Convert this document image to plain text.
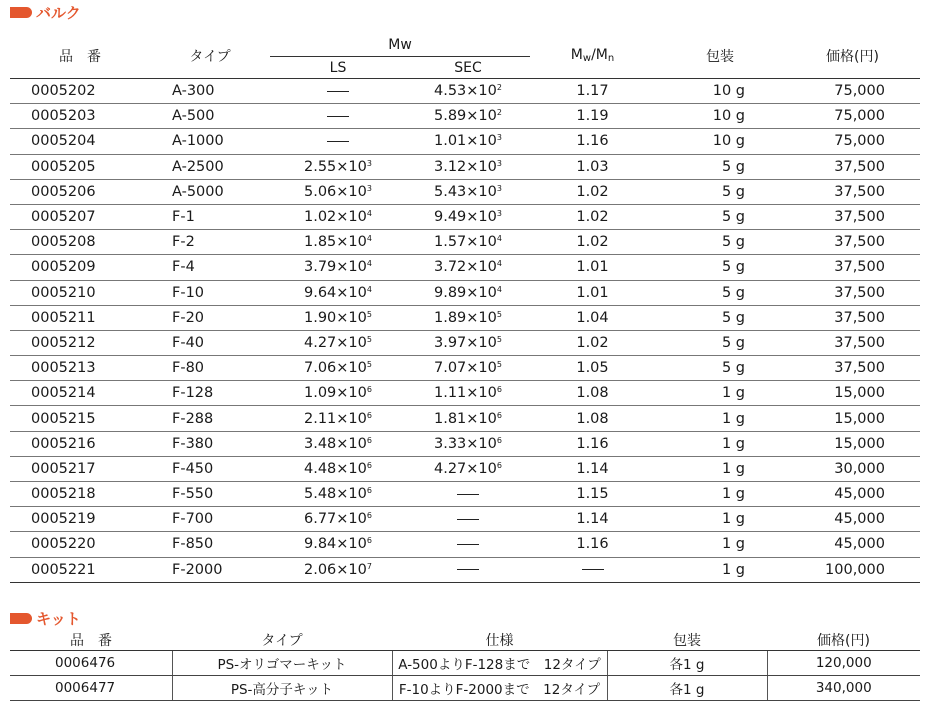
バルク
品　番	タイプ	Mw		$M_w/M_n$	包装	価格(円)
		LS	SEC			
0005202	A-300		$4.53\times 10^2$	1.17	10 g	75,000
0005203	A-500		$5.89\times 10^2$	1.19	10 g	75,000
0005204	A-1000		$1.01\times 10^3$	1.16	10 g	75,000
0005205	A-2500	$2.55\times 10^3$	$3.12\times 10^3$	1.03	5 g	37,500
0005206	A-5000	$5.06\times 10^3$	$5.43\times 10^3$	1.02	5 g	37,500
0005207	F-1	$1.02\times 10^4$	$9.49\times 10^3$	1.02	5 g	37,500
0005208	F-2	$1.85\times 10^4$	$1.57\times 10^4$	1.02	5 g	37,500
0005209	F-4	$3.79\times 10^4$	$3.72\times 10^4$	1.01	5 g	37,500
0005210	F-10	$9.64\times 10^4$	$9.89\times 10^4$	1.01	5 g	37,500
0005211	F-20	$1.90\times 10^5$	$1.89\times 10^5$	1.04	5 g	37,500
0005212	F-40	$4.27\times 10^5$	$3.97\times 10^5$	1.02	5 g	37,500
0005213	F-80	$7.06\times 10^5$	$7.07\times 10^5$	1.05	5 g	37,500
0005214	F-128	$1.09\times 10^6$	$1.11\times 10^6$	1.08	1 g	15,000
0005215	F-288	$2.11\times 10^6$	$1.81\times 10^6$	1.08	1 g	15,000
0005216	F-380	$3.48\times 10^6$	$3.33\times 10^6$	1.16	1 g	15,000
0005217	F-450	$4.48\times 10^6$	$4.27\times 10^6$	1.14	1 g	30,000
0005218	F-550	$5.48\times 10^6$		1.15	1 g	45,000
0005219	F-700	$6.77\times 10^6$		1.14	1 g	45,000
0005220	F-850	$9.84\times 10^6$		1.16	1 g	45,000
0005221	F-2000	$2.06\times 10^7$			1 g	100,000
キット
品　番	タイプ	仕様	包装	価格(円)
0006476	PS-オリゴマーキット	A-500よりF-128まで　12タイプ	各1 g	120,000
0006477	PS-高分子キット	F-10よりF-2000まで　12タイプ	各1 g	340,000
